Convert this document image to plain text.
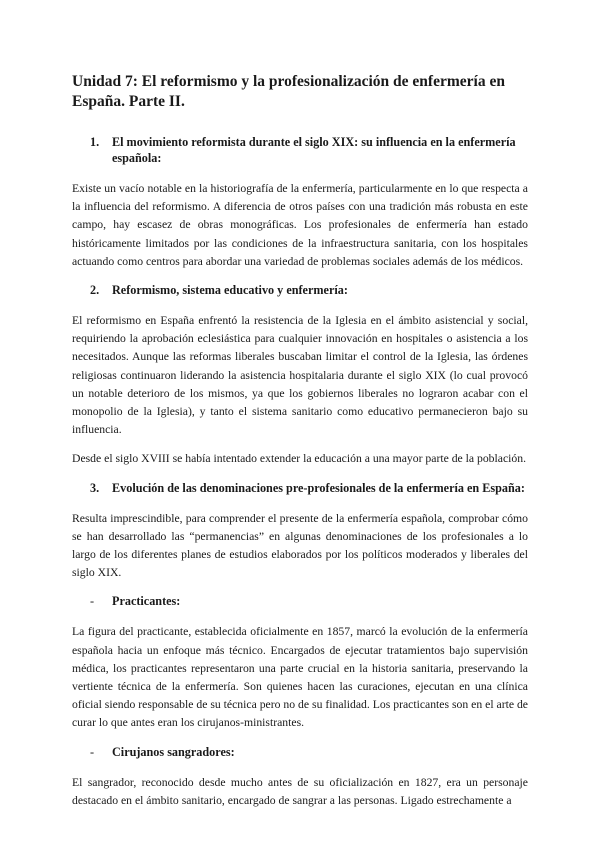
Unidad 7: El reformismo y la profesionalización de enfermería en España. Parte II.
1.	El movimiento reformista durante el siglo XIX: su influencia en la enfermería española:

Existe un vacío notable en la historiografía de la enfermería, particularmente en lo que respecta a la influencia del reformismo. A diferencia de otros países con una tradición más robusta en este campo, hay escasez de obras monográficas. Los profesionales de enfermería han estado históricamente limitados por las condiciones de la infraestructura sanitaria, con los hospitales actuando como centros para abordar una variedad de problemas sociales además de los médicos.

2.	Reformismo, sistema educativo y enfermería:

El reformismo en España enfrentó la resistencia de la Iglesia en el ámbito asistencial y social, requiriendo la aprobación eclesiástica para cualquier innovación en hospitales o asistencia a los necesitados. Aunque las reformas liberales buscaban limitar el control de la Iglesia, las órdenes religiosas continuaron liderando la asistencia hospitalaria durante el siglo XIX (lo cual provocó un notable deterioro de los mismos, ya que los gobiernos liberales no lograron acabar con el monopolio de la Iglesia), y tanto el sistema sanitario como educativo permanecieron bajo su influencia.

Desde el siglo XVIII se había intentado extender la educación a una mayor parte de la población.

3.	Evolución de las denominaciones pre-profesionales de la enfermería en España:

Resulta imprescindible, para comprender el presente de la enfermería española, comprobar cómo se han desarrollado las “permanencias” en algunas denominaciones de los profesionales a lo largo de los diferentes planes de estudios elaborados por los políticos moderados y liberales del siglo XIX.

-	Practicantes:

La figura del practicante, establecida oficialmente en 1857, marcó la evolución de la enfermería española hacia un enfoque más técnico. Encargados de ejecutar tratamientos bajo supervisión médica, los practicantes representaron una parte crucial en la historia sanitaria, preservando la vertiente técnica de la enfermería. Son quienes hacen las curaciones, ejecutan en una clínica oficial siendo responsable de su técnica pero no de su finalidad. Los practicantes son en el arte de curar lo que antes eran los cirujanos-ministrantes.

-	Cirujanos sangradores:

El sangrador, reconocido desde mucho antes de su oficialización en 1827, era un personaje destacado en el ámbito sanitario, encargado de sangrar a las personas. Ligado estrechamente a
